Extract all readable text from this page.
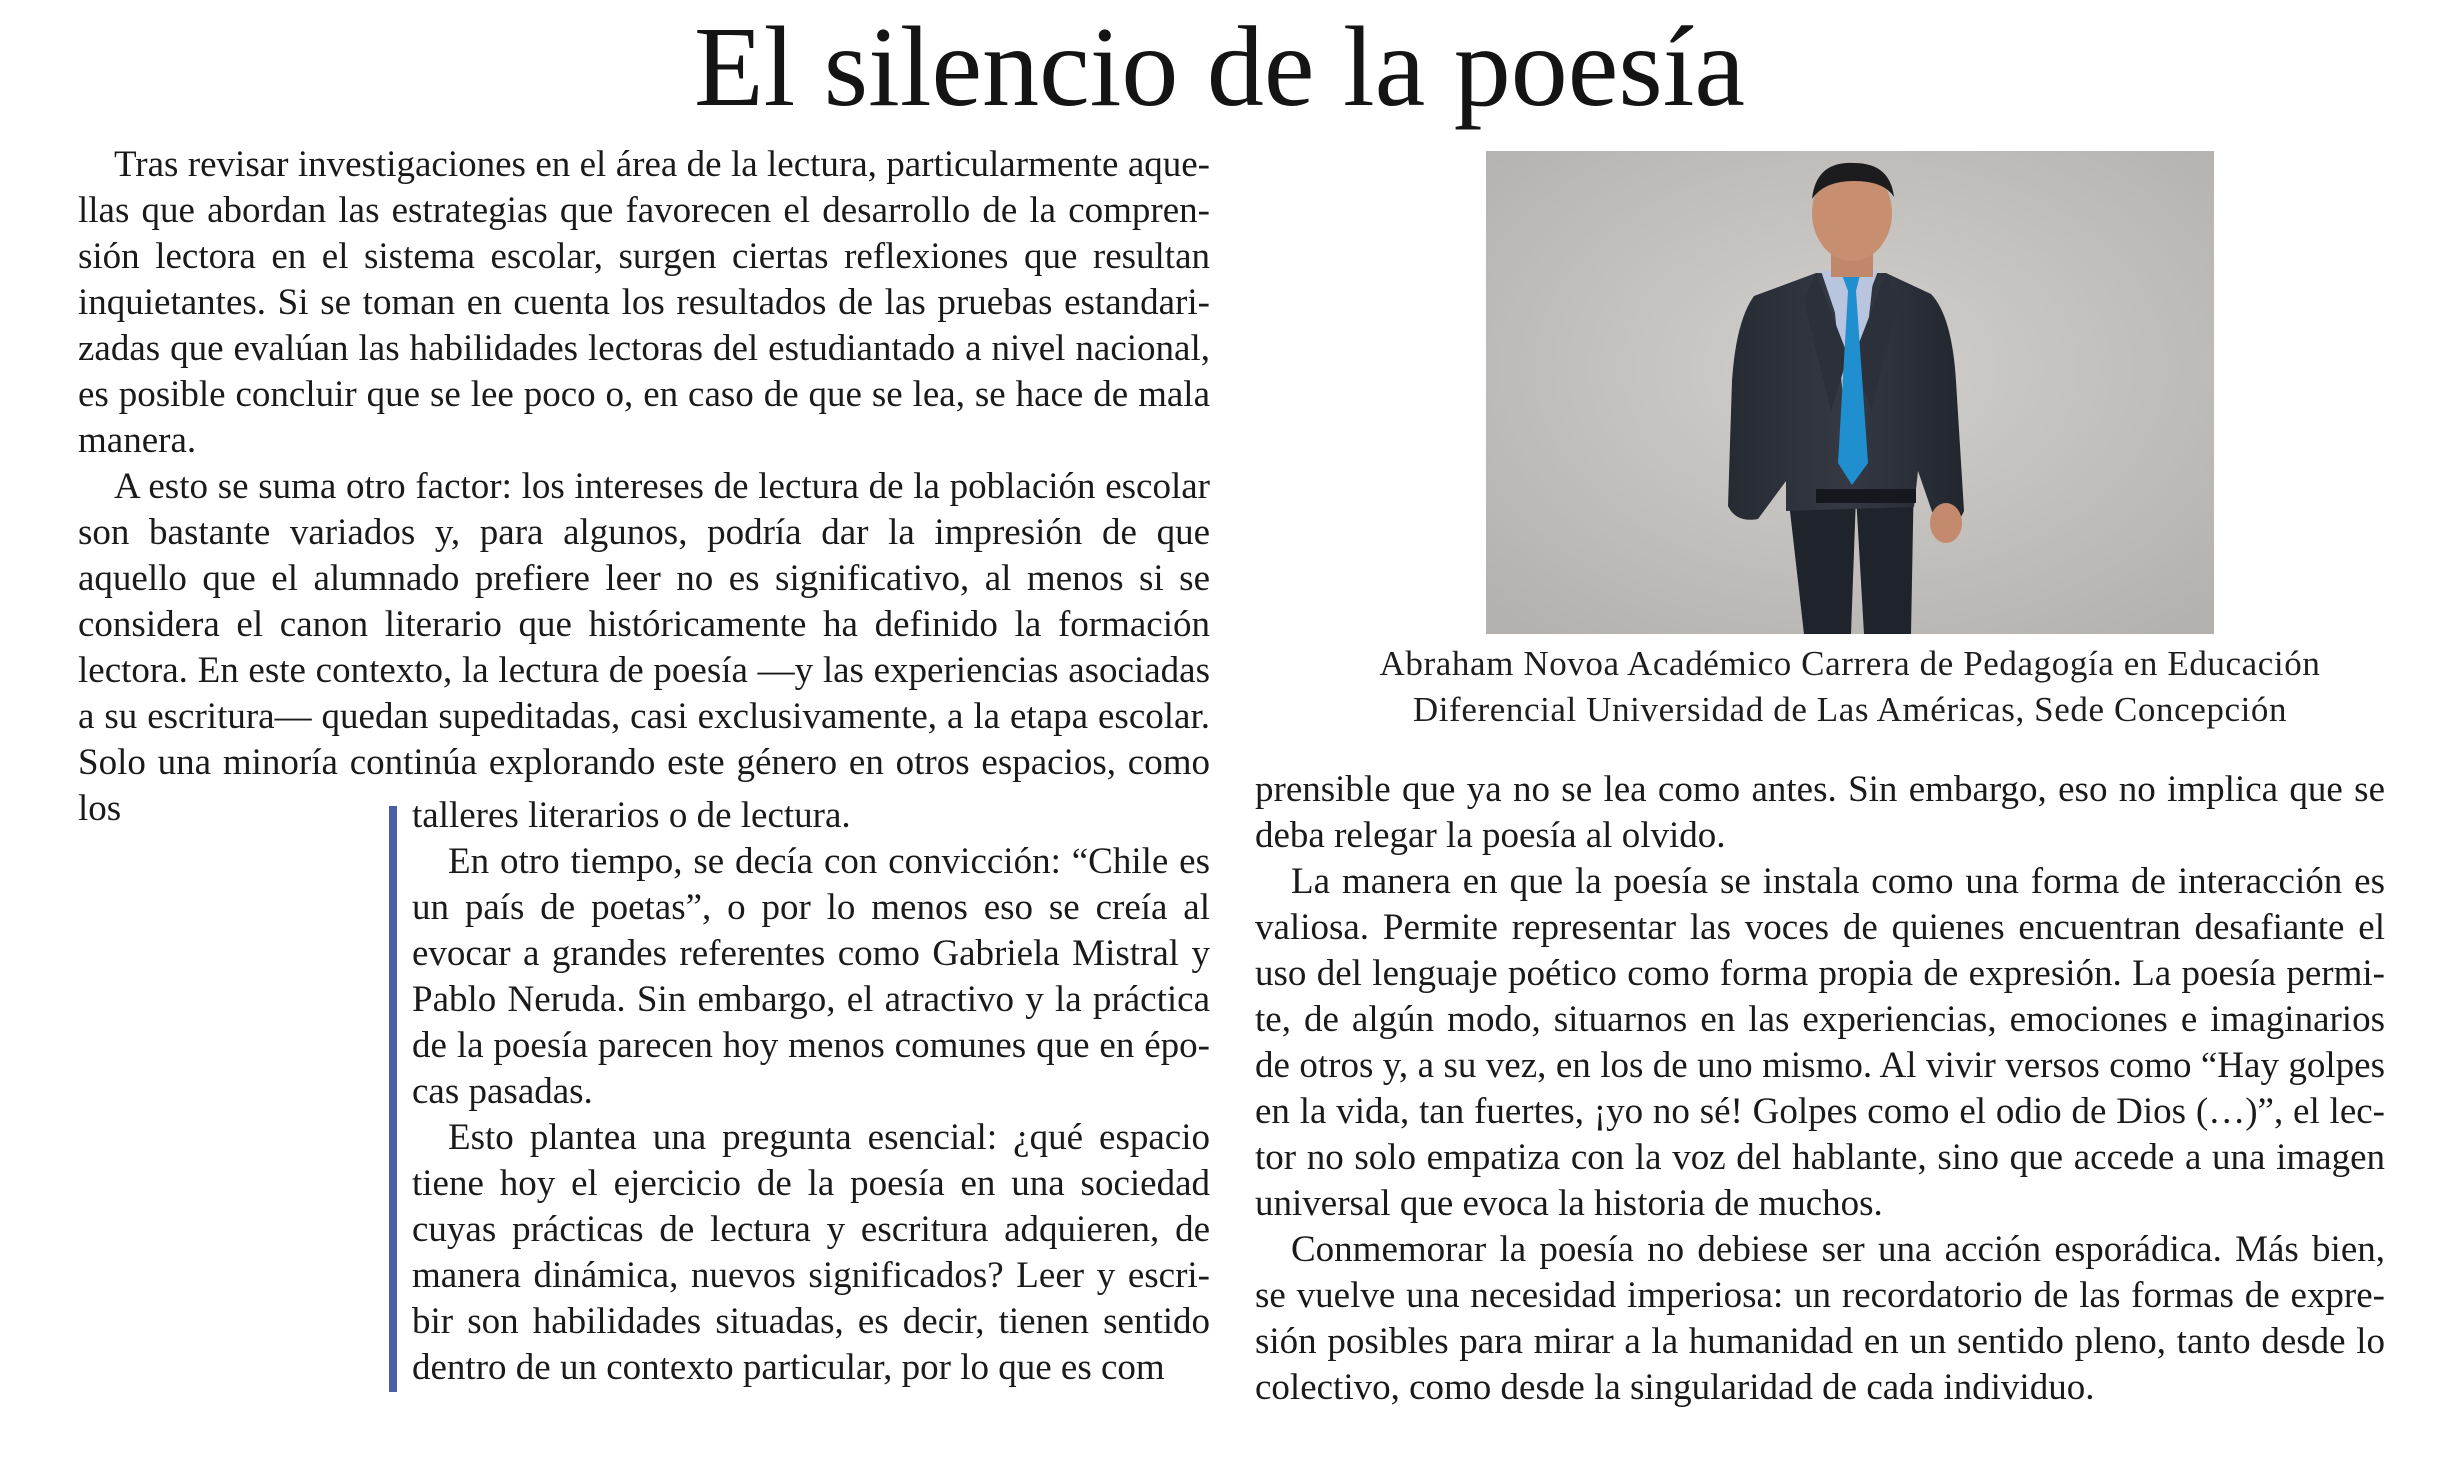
El silencio de la poesía

Tras revisar investigaciones en el área de la lectura, particularmente aquellas que abordan las estrategias que favorecen el desarrollo de la comprensión lectora en el sistema escolar, surgen ciertas reflexiones que resultan inquietantes. Si se toman en cuenta los resultados de las pruebas estandarizadas que evalúan las habilidades lectoras del estudiantado a nivel nacional, es posible concluir que se lee poco o, en caso de que se lea, se hace de mala manera.

A esto se suma otro factor: los intereses de lectura de la población escolar son bastante variados y, para algunos, podría dar la impresión de que aquello que el alumnado prefiere leer no es significativo, al menos si se considera el canon literario que históricamente ha definido la formación lectora. En este contexto, la lectura de poesía —y las experiencias asociadas a su escritura— quedan supeditadas, casi exclusivamente, a la etapa escolar. Solo una minoría continúa explorando este género en otros espacios, como los	talleres literarios o de lectura.

En otro tiempo, se decía con convicción: “Chile es un país de poetas”, o por lo menos eso se creía al evocar a grandes referentes como Gabriela Mistral y Pablo Neruda. Sin embargo, el atractivo y la práctica de la poesía parecen hoy menos comunes que en épocas pasadas.

Esto plantea una pregunta esencial: ¿qué espacio tiene hoy el ejercicio de la poesía en una sociedad cuyas prácticas de lectura y escritura adquieren, de manera dinámica, nuevos significados? Leer y escribir son habilidades situadas, es decir, tienen sentido dentro de un contexto particular, por lo que es com

Abraham Novoa Académico Carrera de Pedagogía en Educación
Diferencial Universidad de Las Américas, Sede Concepción

prensible que ya no se lea como antes. Sin embargo, eso no implica que se deba relegar la poesía al olvido.

La manera en que la poesía se instala como una forma de interacción es valiosa. Permite representar las voces de quienes encuentran desafiante el uso del lenguaje poético como forma propia de expresión. La poesía permite, de algún modo, situarnos en las experiencias, emociones e imaginarios de otros y, a su vez, en los de uno mismo. Al vivir versos como “Hay golpes en la vida, tan fuertes, ¡yo no sé! Golpes como el odio de Dios (…)”, el lector no solo empatiza con la voz del hablante, sino que accede a una imagen universal que evoca la historia de muchos.

Conmemorar la poesía no debiese ser una acción esporádica. Más bien, se vuelve una necesidad imperiosa: un recordatorio de las formas de expresión posibles para mirar a la humanidad en un sentido pleno, tanto desde lo colectivo, como desde la singularidad de cada individuo.
